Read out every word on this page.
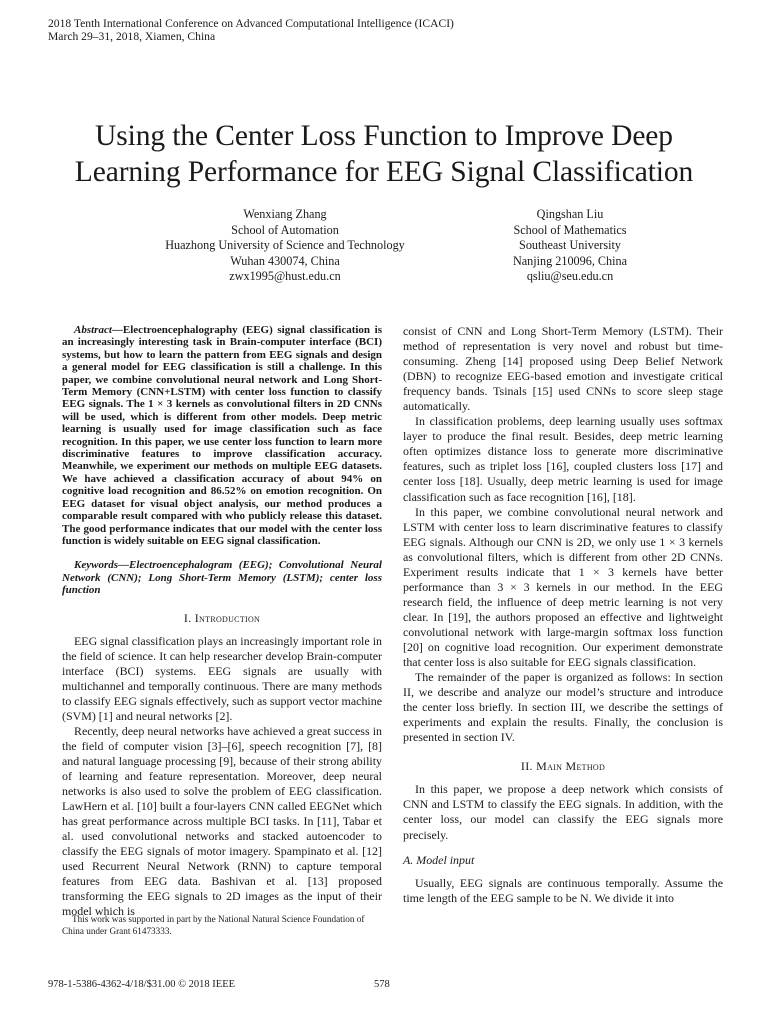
2018 Tenth International Conference on Advanced Computational Intelligence (ICACI)
March 29–31, 2018, Xiamen, China
Using the Center Loss Function to Improve Deep
Learning Performance for EEG Signal Classification
Wenxiang Zhang
School of Automation
Huazhong University of Science and Technology
Wuhan 430074, China
zwx1995@hust.edu.cn
Qingshan Liu
School of Mathematics
Southeast University
Nanjing 210096, China
qsliu@seu.edu.cn

Abstract—Electroencephalography (EEG) signal classification is an increasingly interesting task in Brain-computer interface (BCI) systems, but how to learn the pattern from EEG signals and design a general model for EEG classification is still a challenge. In this paper, we combine convolutional neural network and Long Short-Term Memory (CNN+LSTM) with center loss function to classify EEG signals. The 1 × 3 kernels as convolutional filters in 2D CNNs will be used, which is different from other models. Deep metric learning is usually used for image classification such as face recognition. In this paper, we use center loss function to learn more discriminative features to improve classification accuracy. Meanwhile, we experiment our methods on multiple EEG datasets. We have achieved a classification accuracy of about 94% on cognitive load recognition and 86.52% on emotion recognition. On EEG dataset for visual object analysis, our method produces a comparable result compared with who publicly release this dataset. The good performance indicates that our model with the center loss function is widely suitable on EEG signal classification.

Keywords—Electroencephalogram (EEG); Convolutional Neural Network (CNN); Long Short-Term Memory (LSTM); center loss function

I. Introduction

EEG signal classification plays an increasingly important role in the field of science. It can help researcher develop Brain-computer interface (BCI) systems. EEG signals are usually with multichannel and temporally continuous. There are many methods to classify EEG signals effectively, such as support vector machine (SVM) [1] and neural networks [2].

Recently, deep neural networks have achieved a great success in the field of computer vision [3]–[6], speech recognition [7], [8] and natural language processing [9], because of their strong ability of learning and feature representation. Moreover, deep neural networks is also used to solve the problem of EEG classification. LawHern et al. [10] built a four-layers CNN called EEGNet which has great performance across multiple BCI tasks. In [11], Tabar et al. used convolutional networks and stacked autoencoder to classify the EEG signals of motor imagery. Spampinato et al. [12] used Recurrent Neural Network (RNN) to capture temporal features from EEG data. Bashivan et al. [13] proposed transforming the EEG signals to 2D images as the input of their model which is

consist of CNN and Long Short-Term Memory (LSTM). Their method of representation is very novel and robust but time-consuming. Zheng [14] proposed using Deep Belief Network (DBN) to recognize EEG-based emotion and investigate critical frequency bands. Tsinals [15] used CNNs to score sleep stage automatically.

In classification problems, deep learning usually uses softmax layer to produce the final result. Besides, deep metric learning often optimizes distance loss to generate more discriminative features, such as triplet loss [16], coupled clusters loss [17] and center loss [18]. Usually, deep metric learning is used for image classification such as face recognition [16], [18].

In this paper, we combine convolutional neural network and LSTM with center loss to learn discriminative features to classify EEG signals. Although our CNN is 2D, we only use 1 × 3 kernels as convolutional filters, which is different from other 2D CNNs. Experiment results indicate that 1 × 3 kernels have better performance than 3 × 3 kernels in our method. In the EEG research field, the influence of deep metric learning is not very clear. In [19], the authors proposed an effective and lightweight convolutional network with large-margin softmax loss function [20] on cognitive load recognition. Our experiment demonstrate that center loss is also suitable for EEG signals classification.

The remainder of the paper is organized as follows: In section II, we describe and analyze our model’s structure and introduce the center loss briefly. In section III, we describe the settings of experiments and explain the results. Finally, the conclusion is presented in section IV.

II. Main Method

In this paper, we propose a deep network which consists of CNN and LSTM to classify the EEG signals. In addition, with the center loss, our model can classify the EEG signals more precisely.

A. Model input

Usually, EEG signals are continuous temporally. Assume the time length of the EEG sample to be N. We divide it into

This work was supported in part by the National Natural Science Foundation of China under Grant 61473333.
978-1-5386-4362-4/18/$31.00 © 2018 IEEE	578
